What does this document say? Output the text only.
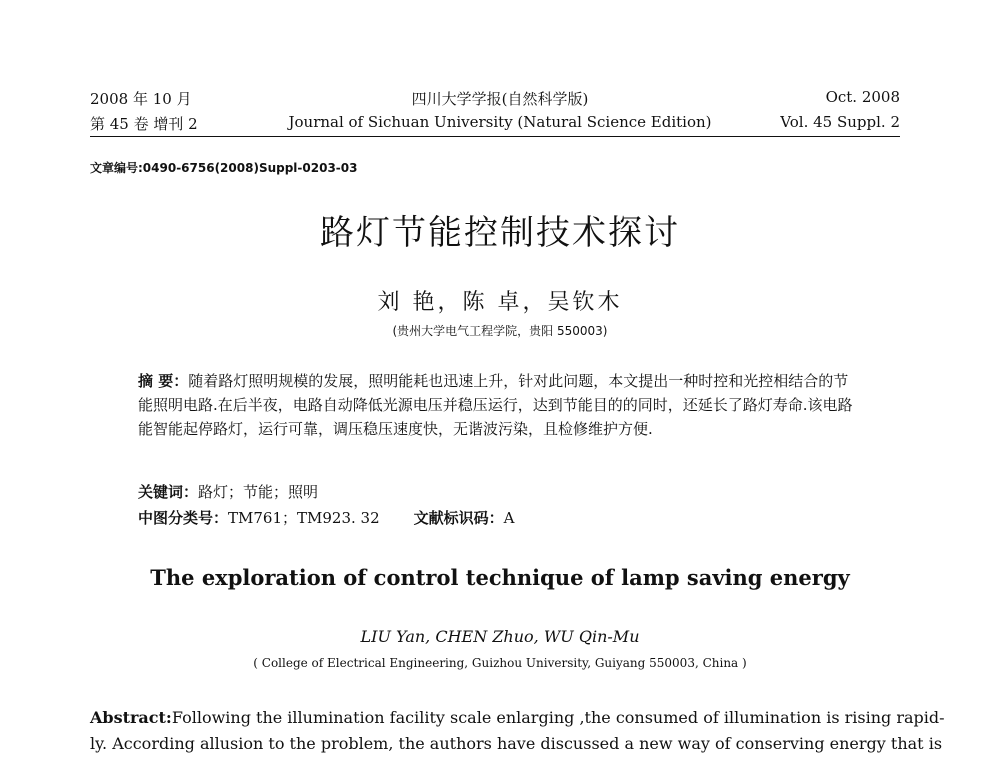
2008 年 10 月	四川大学学报(自然科学版)	Oct. 2008
第 45 卷 增刊 2	Journal of Sichuan University (Natural Science Edition)	Vol. 45 Suppl. 2
文章编号:0490-6756(2008)Suppl-0203-03
路灯节能控制技术探讨
刘 艳，陈 卓，吴钦木
(贵州大学电气工程学院，贵阳 550003)
摘 要：随着路灯照明规模的发展，照明能耗也迅速上升，针对此问题，本文提出一种时控和光控相结合的节能照明电路.在后半夜，电路自动降低光源电压并稳压运行，达到节能目的的同时，还延长了路灯寿命.该电路能智能起停路灯，运行可靠，调压稳压速度快，无谐波污染，且检修维护方便.
关键词：路灯；节能；照明
中图分类号：TM761；TM923. 32 文献标识码：A
The exploration of control technique of lamp saving energy
LIU Yan, CHEN Zhuo, WU Qin-Mu
( College of Electrical Engineering, Guizhou University, Guiyang 550003, China )
Abstract:Following the illumination facility scale enlarging ,the consumed of illumination is rising rapid-
ly. According allusion to the problem, the authors have discussed a new way of conserving energy that is
